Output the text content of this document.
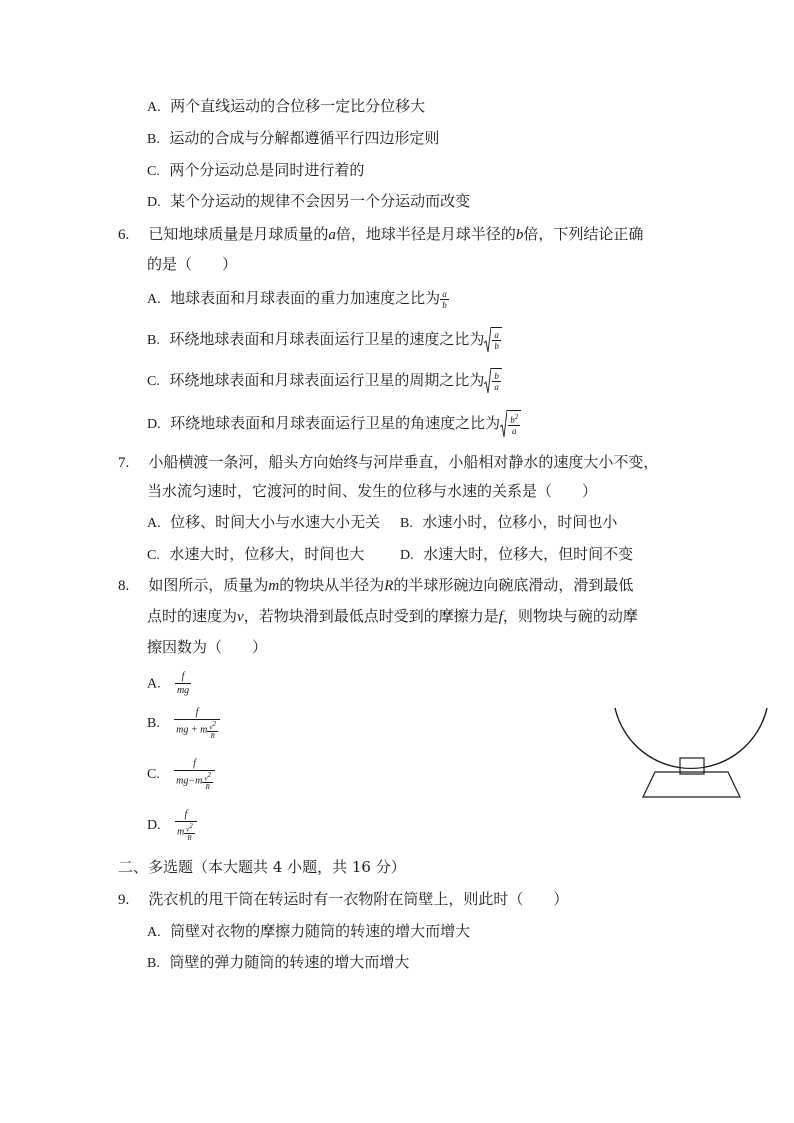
A. 两个直线运动的合位移一定比分位移大
B. 运动的合成与分解都遵循平行四边形定则
C. 两个分运动总是同时进行着的
D. 某个分运动的规律不会因另一个分运动而改变
6. 已知地球质量是月球质量的a倍，地球半径是月球半径的b倍，下列结论正确
的是（　　）
A. 地球表面和月球表面的重力加速度之比为 $\frac{a}{b}$
B. 环绕地球表面和月球表面运行卫星的速度之比为 $\frac{a}{b}$
C. 环绕地球表面和月球表面运行卫星的周期之比为 $\frac{b}{a}$
D. 环绕地球表面和月球表面运行卫星的角速度之比为 $\frac{b^2}{a}$
7. 小船横渡一条河，船头方向始终与河岸垂直，小船相对静水的速度大小不变，
当水流匀速时，它渡河的时间、发生的位移与水速的关系是（　　）
A. 位移、时间大小与水速大小无关 B. 水速小时，位移小，时间也小
C. 水速大时，位移大，时间也大	D. 水速大时，位移大，但时间不变
8. 如图所示，质量为m的物块从半径为R的半球形碗边向碗底滑动，滑到最低
点时的速度为v，若物块滑到最低点时受到的摩擦力是f，则物块与碗的动摩
擦因数为（　　）
A. $\frac{f}{mg}$
B. $\frac{f}{mg + m \frac{v2}{R}}$
C. $\frac{f}{mg-m \frac{v2}{R}}$
D. $\frac{f}{m \frac{v2}{R}}$
二、多选题（本大题共 4 小题，共 16 分）
9. 洗衣机的甩干筒在转运时有一衣物附在筒壁上，则此时（　　）
A. 筒壁对衣物的摩擦力随筒的转速的增大而增大
B. 筒壁的弹力随筒的转速的增大而增大
